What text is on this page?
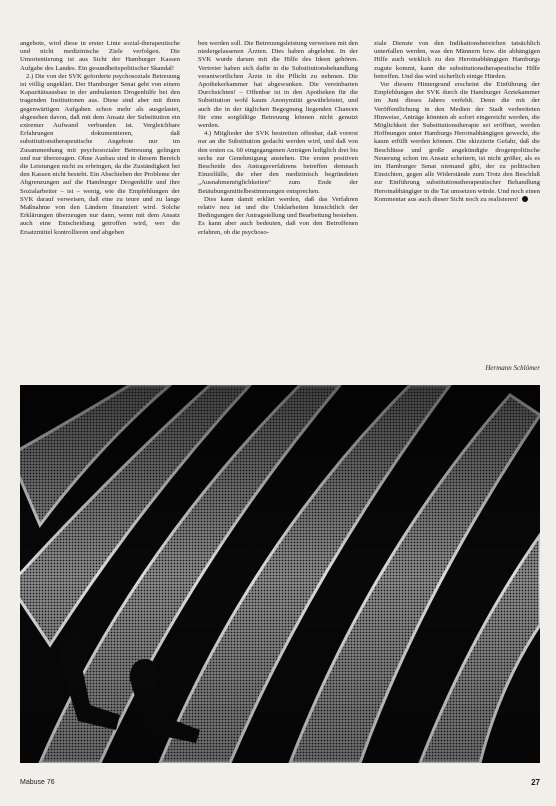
angebote, wird diese in erster Linie sozial-therapeutische und nicht medizinische Ziele verfolgen. Die Umorientierung ist aus Sicht der Hamburger Kassen Aufgabe des Landes. Ein gesundheitspolitischer Skandal!

2.) Die von der SVK geforderte psychosoziale Betreuung ist völlig ungeklärt. Der Hamburger Senat geht von einem Kapazitätsausbau in der ambulanten Drogenhilfe bei den tragenden Institutionen aus. Diese sind aber mit ihren gegenwärtigen Aufgaben schon mehr als ausgelastet, abgesehen davon, daß mit dem Ansatz der Substitution ein extremer Aufwand verbunden ist. Vergleichbare Erfahrungen dokumentieren, daß substitutionstherapeutische Angebote nur im Zusammenhang mit psychosozialer Betreuung gelingen und nur überzeugen. Ohne Ausbau sind in diesem Bereich die Leistungen nicht zu erbringen, da die Zuständigkeit bei den Kassen nicht besteht. Ein Abschieben der Probleme der Abgrenzungen auf die Hamburger Drogenhilfe und ihre Sozialarbeiter – ist – wenig, wie die Empfehlungen der SVK darauf verweisen, daß eine zu teure und zu lange Maßnahme von den Ländern finanziert wird. Solche Erklärungen überzeugen nur dann, wenn mit dem Ansatz auch eine Entscheidung getroffen wird, wer die Ersatzmittel kontrollieren und abgeben

ben werden soll. Die Betreuungsleistung verweisen mit den niedergelassenen Ärzten. Dies haben abgelehnt. In der SVK wurde darum mit die Hilfe des Ideen gehören. Vertreter haben sich dafür in die Substitutionsbehandlung verantwortlichen Ärzte in die Pflicht zu nehmen. Die Apothekerkammer hat abgewunken. Die vereinbarten Durchsichten! – Offenbar ist in den Apotheken für die Substitution wohl kaum Anonymität gewährleistet, und auch die in der täglichen Begegnung liegenden Chancen für eine sorgfältige Betreuung können nicht genutzt werden.

4.) Mitglieder der SVK bestreiten offenbar, daß vorerst nur an die Substitution gedacht werden wird, und daß von den ersten ca. 60 eingegangenen Anträgen lediglich drei bis sechs zur Genehmigung anstehen. Die ersten positiven Bescheide des Antragsverfahrens betreffen demnach Einzelfälle, die eher den medizinisch begründeten „Ausnahmemöglichkeiten“ zum Ende der Betäubungsmittelbestimmungen entsprechen.

Dies kann damit erklärt werden, daß das Verfahren relativ neu ist und die Unklarheiten hinsichtlich der Bedingungen der Antragstellung und Bearbeitung bestehen. Es kann aber auch bedeuten, daß von den Betroffenen erfahren, ob die psychoso-

ziale Dienste von den Indikationsbereichen tatsächlich unterfallen werden, was den Männern bzw. die abhängigen Hilfe auch wirklich zu den Heroinabhängigen Hamburgs zugute kommt, kann die substitutionstherapeutische Hilfe betreffen. Und das wird sicherlich einige Hürden.

Vor diesem Hintergrund erscheint die Einführung der Empfehlungen der SVK durch die Hamburger Ärztekammer im Juni dieses Jahres verfehlt. Denn die mit der Veröffentlichung in den Medien der Stadt verbreiteten Hinweise, Anträge könnten ab sofort eingereicht werden, die Möglichkeit der Substitutionstherapie sei eröffnet, werden Hoffnungen unter Hamburgs Heroinabhängigen geweckt, die kaum erfüllt werden können. Die skizzierte Gefahr, daß die Beschlüsse und große angekündigte drogenpolitische Neuerung schon im Ansatz scheitern, ist nicht größer, als es im Hamburger Senat niemand gibt, der zu politischen Einsichten, gegen alle Widerstände zum Trotz den Beschluß zur Einführung substitutionstherapeutischer Behandlung Heroinabhängiger in die Tat umsetzen würde. Und noch einen Kommentar aus auch dieser Sicht noch zu realisieren!

Hermann Schlömer
Mabuse 76	27
